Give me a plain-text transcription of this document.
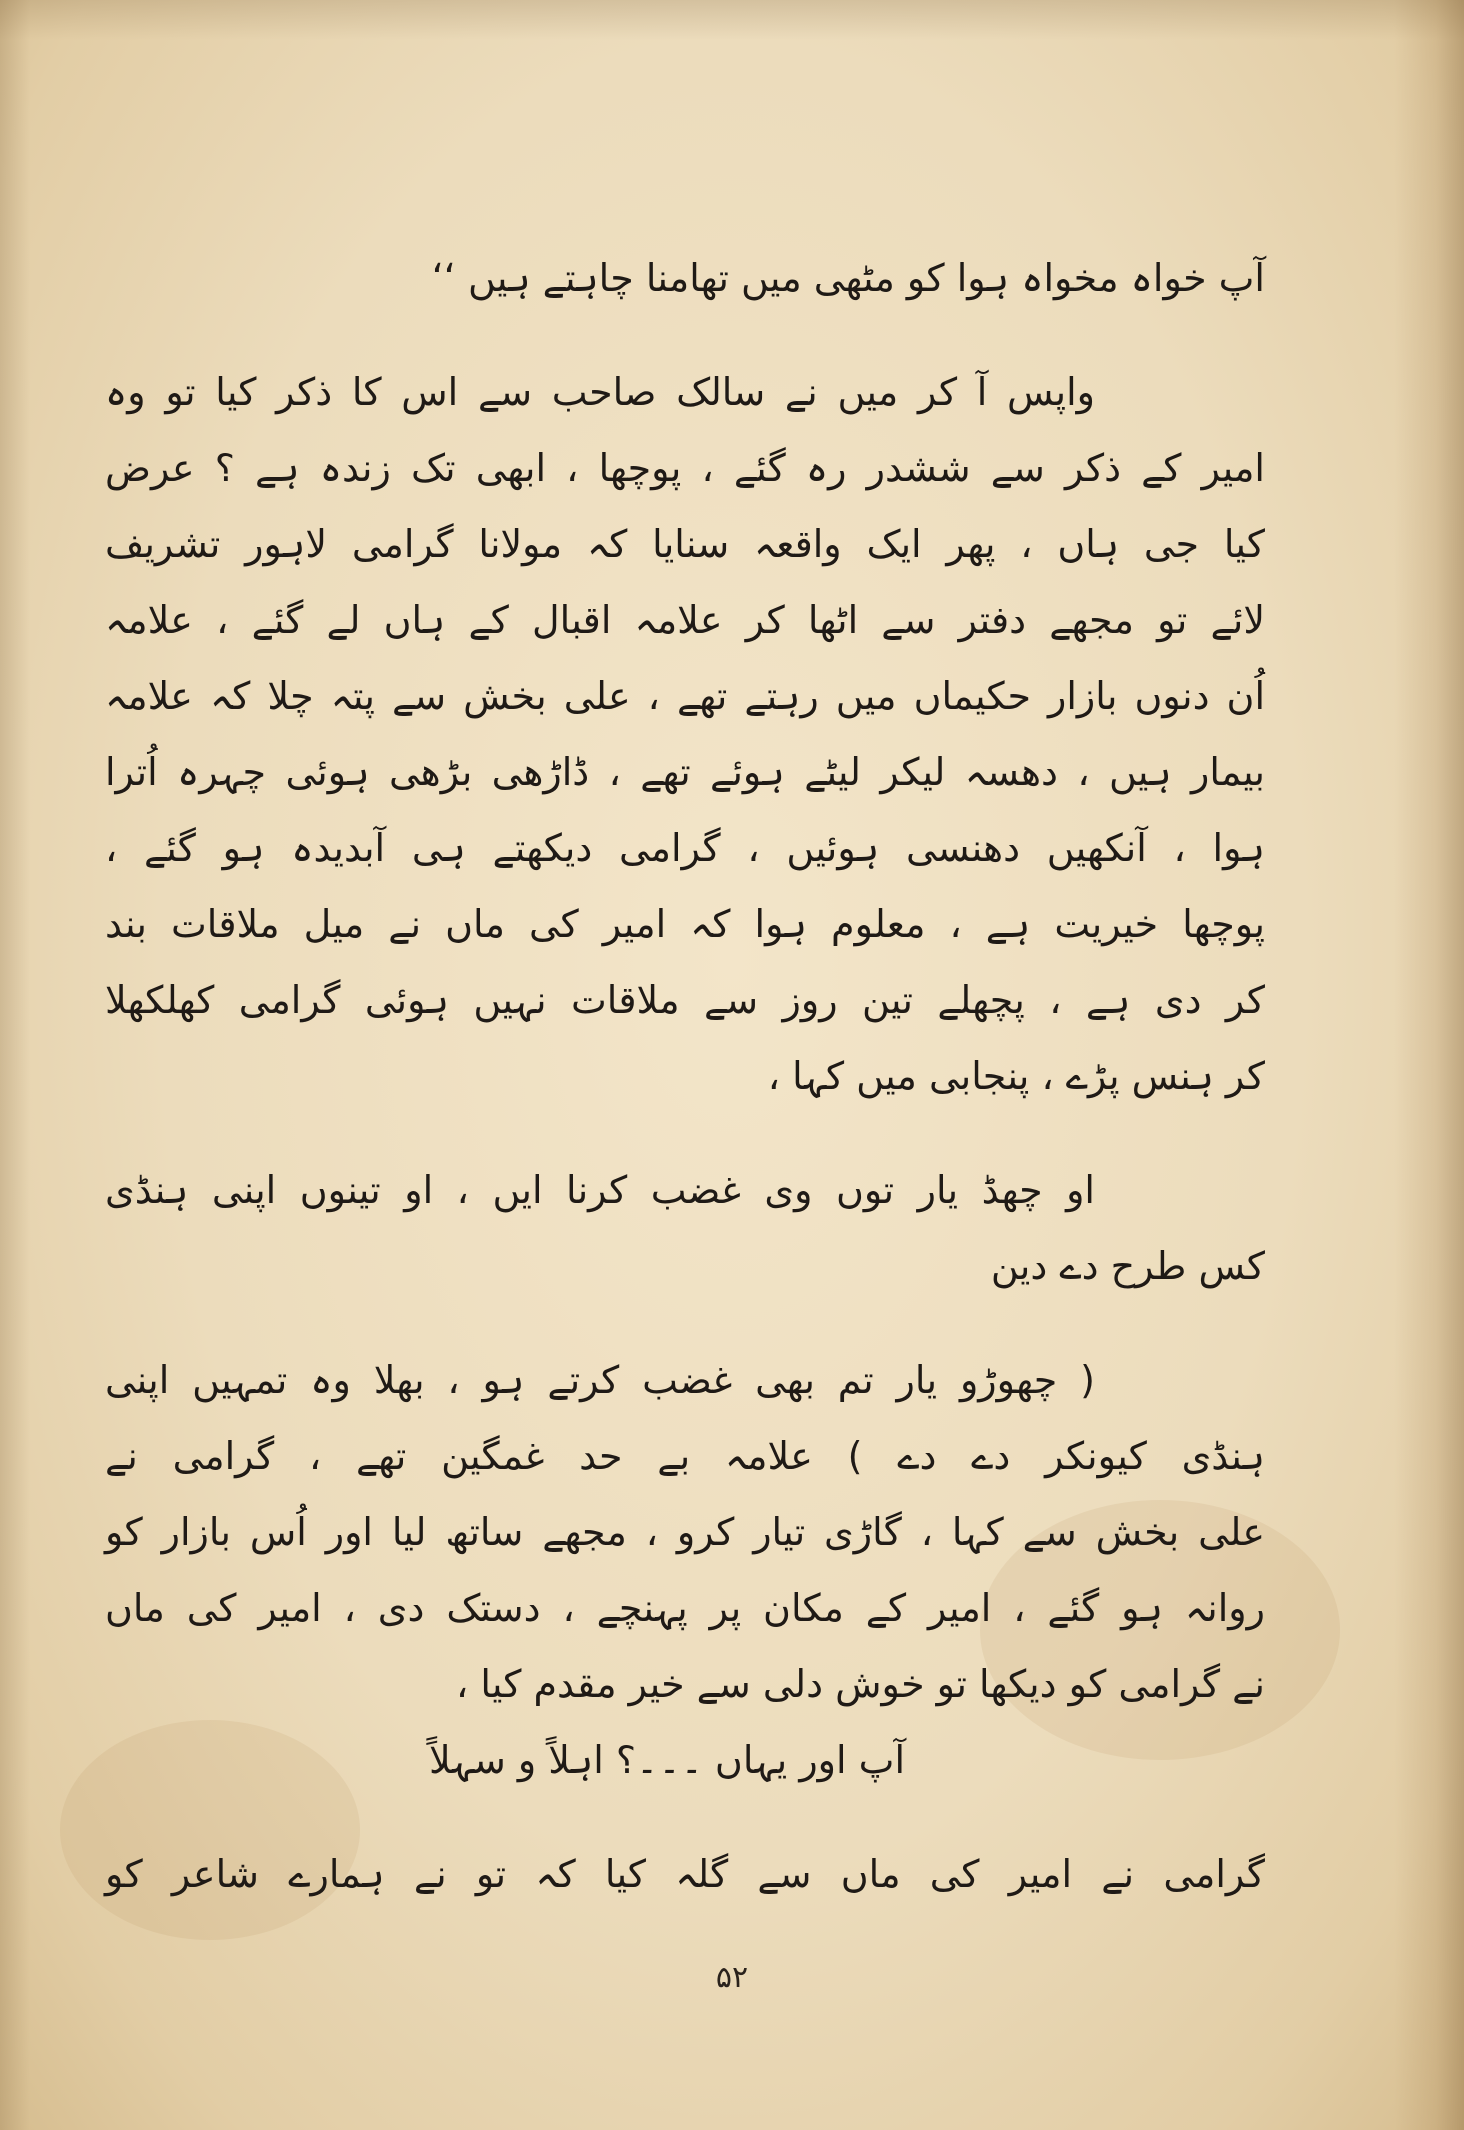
آپ خواہ مخواہ ہوا کو مٹھی میں تھامنا چاہتے ہیں ‘‘
واپس آ کر میں نے سالک صاحب سے اس کا ذکر کیا تو وہ
امیر کے ذکر سے ششدر رہ گئے ، پوچھا ، ابھی تک زندہ ہے ؟ عرض
کیا جی ہاں ، پھر ایک واقعہ سنایا کہ مولانا گرامی لاہور تشریف
لائے تو مجھے دفتر سے اٹھا کر علامہ اقبال کے ہاں لے گئے ، علامہ
اُن دنوں بازار حکیماں میں رہتے تھے ، علی بخش سے پتہ چلا کہ علامہ
بیمار ہیں ، دھسہ لیکر لیٹے ہوئے تھے ، ڈاڑھی بڑھی ہوئی چہرہ اُترا
ہوا ، آنکھیں دھنسی ہوئیں ، گرامی دیکھتے ہی آبدیدہ ہو گئے ،
پوچھا خیریت ہے ، معلوم ہوا کہ امیر کی ماں نے میل ملاقات بند
کر دی ہے ، پچھلے تین روز سے ملاقات نہیں ہوئی گرامی کھلکھلا
کر ہنس پڑے ، پنجابی میں کہا ،
او چھڈ یار توں وی غضب کرنا ایں ، او تینوں اپنی ہنڈی
کس طرح دے دین
( چھوڑو یار تم بھی غضب کرتے ہو ، بھلا وہ تمہیں اپنی
ہنڈی کیونکر دے دے ) علامہ بے حد غمگین تھے ، گرامی نے
علی بخش سے کہا ، گاڑی تیار کرو ، مجھے ساتھ لیا اور اُس بازار کو
روانہ ہو گئے ، امیر کے مکان پر پہنچے ، دستک دی ، امیر کی ماں
نے گرامی کو دیکھا تو خوش دلی سے خیر مقدم کیا ،
آپ اور یہاں ۔۔۔؟ اہلاً و سہلاً
گرامی نے امیر کی ماں سے گلہ کیا کہ تو نے ہمارے شاعر کو
۵۲
